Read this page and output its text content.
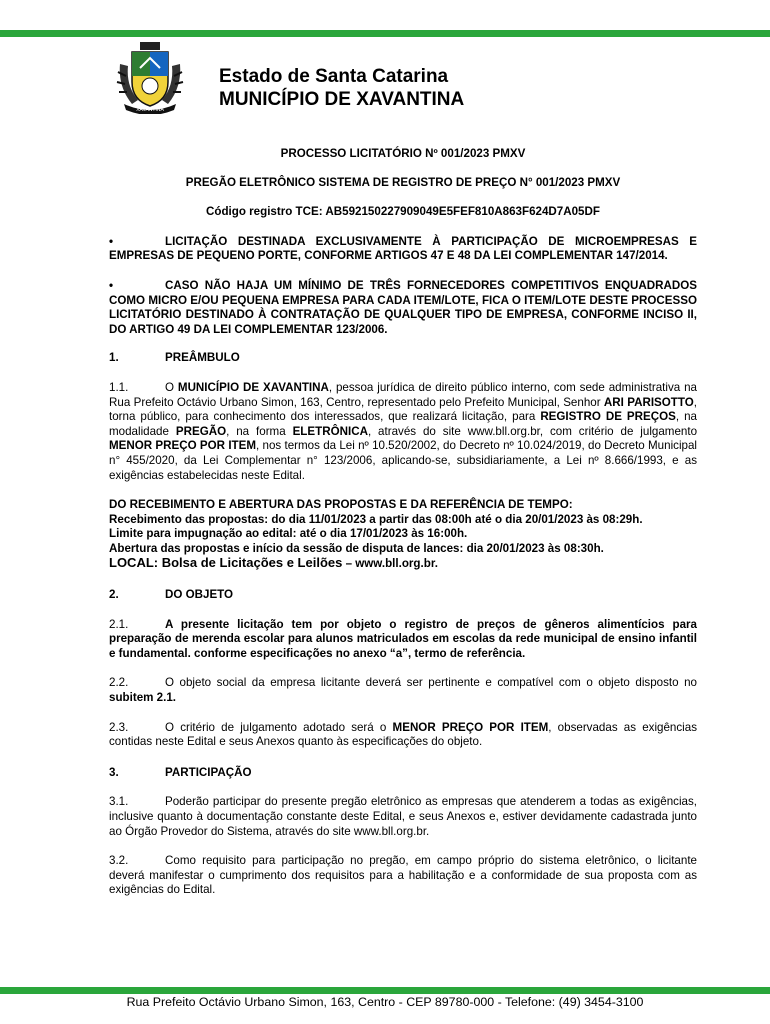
XAVANTINA
Estado de Santa Catarina
MUNICÍPIO DE XAVANTINA

PROCESSO LICITATÓRIO Nº 001/2023 PMXV

PREGÃO ELETRÔNICO SISTEMA DE REGISTRO DE PREÇO N° 001/2023 PMXV

Código registro TCE: AB592150227909049E5FEF810A863F624D7A05DF

•	LICITAÇÃO DESTINADA EXCLUSIVAMENTE À PARTICIPAÇÃO DE MICROEMPRESAS E EMPRESAS DE PEQUENO PORTE, CONFORME ARTIGOS 47 E 48 DA LEI COMPLEMENTAR 147/2014.

•	CASO NÃO HAJA UM MÍNIMO DE TRÊS FORNECEDORES COMPETITIVOS ENQUADRADOS COMO MICRO E/OU PEQUENA EMPRESA PARA CADA ITEM/LOTE, FICA O ITEM/LOTE DESTE PROCESSO LICITATÓRIO DESTINADO À CONTRATAÇÃO DE QUALQUER TIPO DE EMPRESA, CONFORME INCISO II, DO ARTIGO 49 DA LEI COMPLEMENTAR 123/2006.

1.	PREÂMBULO

1.1.	O MUNICÍPIO DE XAVANTINA, pessoa jurídica de direito público interno, com sede administrativa na Rua Prefeito Octávio Urbano Simon, 163, Centro, representado pelo Prefeito Municipal, Senhor ARI PARISOTTO, torna público, para conhecimento dos interessados, que realizará licitação, para REGISTRO DE PREÇOS, na modalidade PREGÃO, na forma ELETRÔNICA, através do site www.bll.org.br, com critério de julgamento MENOR PREÇO POR ITEM, nos termos da Lei nº 10.520/2002, do Decreto nº 10.024/2019, do Decreto Municipal n° 455/2020, da Lei Complementar n° 123/2006, aplicando-se, subsidiariamente, a Lei nº 8.666/1993, e as exigências estabelecidas neste Edital.

DO RECEBIMENTO E ABERTURA DAS PROPOSTAS E DA REFERÊNCIA DE TEMPO:

Recebimento das propostas: do dia 11/01/2023 a partir das 08:00h até o dia 20/01/2023 às 08:29h.

Limite para impugnação ao edital: até o dia 17/01/2023 às 16:00h.

Abertura das propostas e início da sessão de disputa de lances: dia 20/01/2023 às 08:30h.

LOCAL: Bolsa de Licitações e Leilões – www.bll.org.br.

2.	DO OBJETO

2.1.	A presente licitação tem por objeto o registro de preços de gêneros alimentícios para preparação de merenda escolar para alunos matriculados em escolas da rede municipal de ensino infantil e fundamental. conforme especificações no anexo “a”, termo de referência.

2.2.	O objeto social da empresa licitante deverá ser pertinente e compatível com o objeto disposto no subitem 2.1.

2.3.	O critério de julgamento adotado será o MENOR PREÇO POR ITEM, observadas as exigências contidas neste Edital e seus Anexos quanto às especificações do objeto.

3.	PARTICIPAÇÃO

3.1.	Poderão participar do presente pregão eletrônico as empresas que atenderem a todas as exigências, inclusive quanto à documentação constante deste Edital, e seus Anexos e, estiver devidamente cadastrada junto ao Órgão Provedor do Sistema, através do site www.bll.org.br.

3.2.	Como requisito para participação no pregão, em campo próprio do sistema eletrônico, o licitante deverá manifestar o cumprimento dos requisitos para a habilitação e a conformidade de sua proposta com as exigências do Edital.

Rua Prefeito Octávio Urbano Simon, 163, Centro - CEP 89780-000 - Telefone: (49) 3454-3100
